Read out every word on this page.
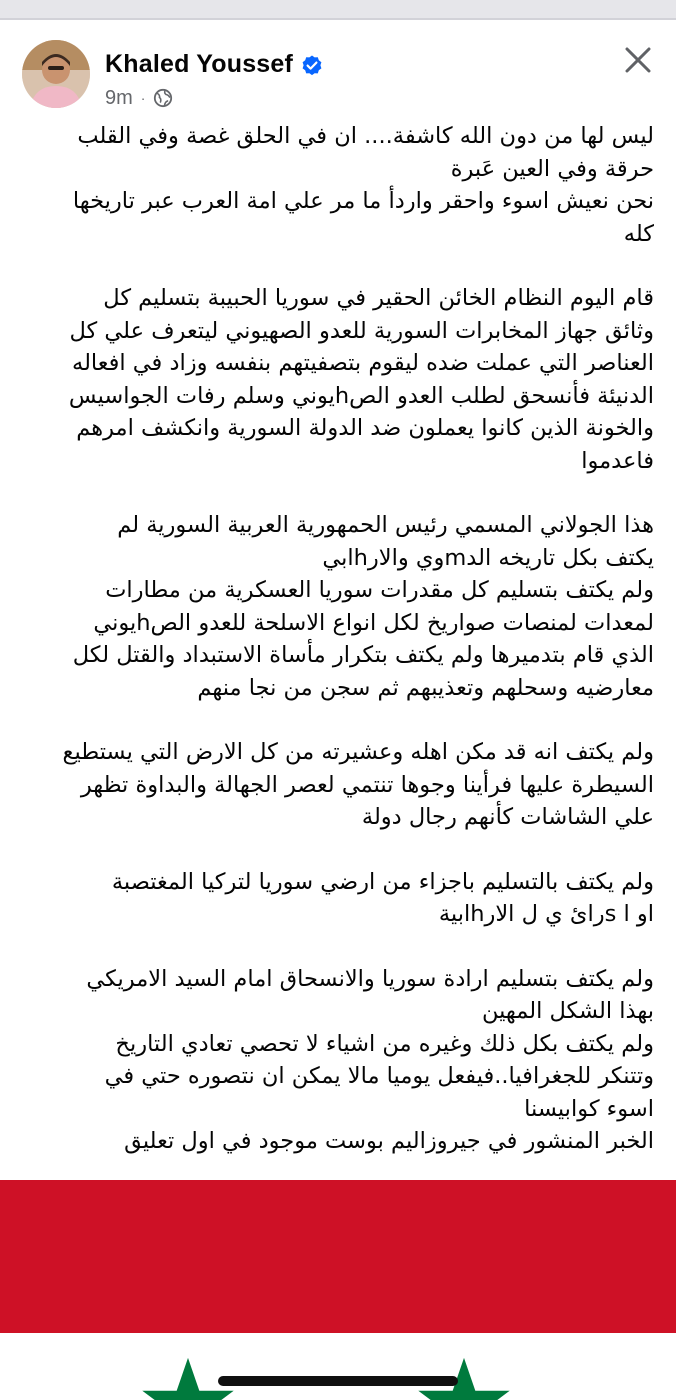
Khaled Youssef
9m ·

ليس لها من دون الله كاشفة.... ان في الحلق غصة وفي القلب
حرقة وفي العين عَبرة
نحن نعيش اسوء واحقر واردأ ما مر علي امة العرب عبر تاريخها
كله

قام اليوم النظام الخائن الحقير في سوريا الحبيبة بتسليم كل
وثائق جهاز المخابرات السورية للعدو الصهيوني ليتعرف علي كل
العناصر التي عملت ضده ليقوم بتصفيتهم بنفسه وزاد في افعاله
الدنيئة فأنسحق لطلب العدو الصhيوني وسلم رفات الجواسيس
والخونة الذين كانوا يعملون ضد الدولة السورية وانكشف امرهم
فاعدموا

هذا الجولاني المسمي رئيس الحمهورية العربية السورية لم
يكتف بكل تاريخه الدmوي والارhابي
ولم يكتف بتسليم كل مقدرات سوريا العسكرية من مطارات
لمعدات لمنصات صواريخ لكل انواع الاسلحة للعدو الصhيوني
الذي قام بتدميرها ولم يكتف بتكرار مأساة الاستبداد والقتل لكل
معارضيه وسحلهم وتعذيبهم ثم سجن من نجا منهم

ولم يكتف انه قد مكن اهله وعشيرته من كل الارض التي يستطيع
السيطرة عليها فرأينا وجوها تنتمي لعصر الجهالة والبداوة تظهر
علي الشاشات كأنهم رجال دولة

ولم يكتف بالتسليم باجزاء من ارضي سوريا لتركيا المغتصبة
او ا sرائ ي ل الارhابية

ولم يكتف بتسليم ارادة سوريا والانسحاق امام السيد الامريكي
بهذا الشكل المهين
ولم يكتف بكل ذلك وغيره من اشياء لا تحصي تعادي التاريخ
وتتنكر للجغرافيا..فيفعل يوميا مالا يمكن ان نتصوره حتي في
اسوء كوابيسنا
الخبر المنشور في جيروزاليم بوست موجود في اول تعليق
